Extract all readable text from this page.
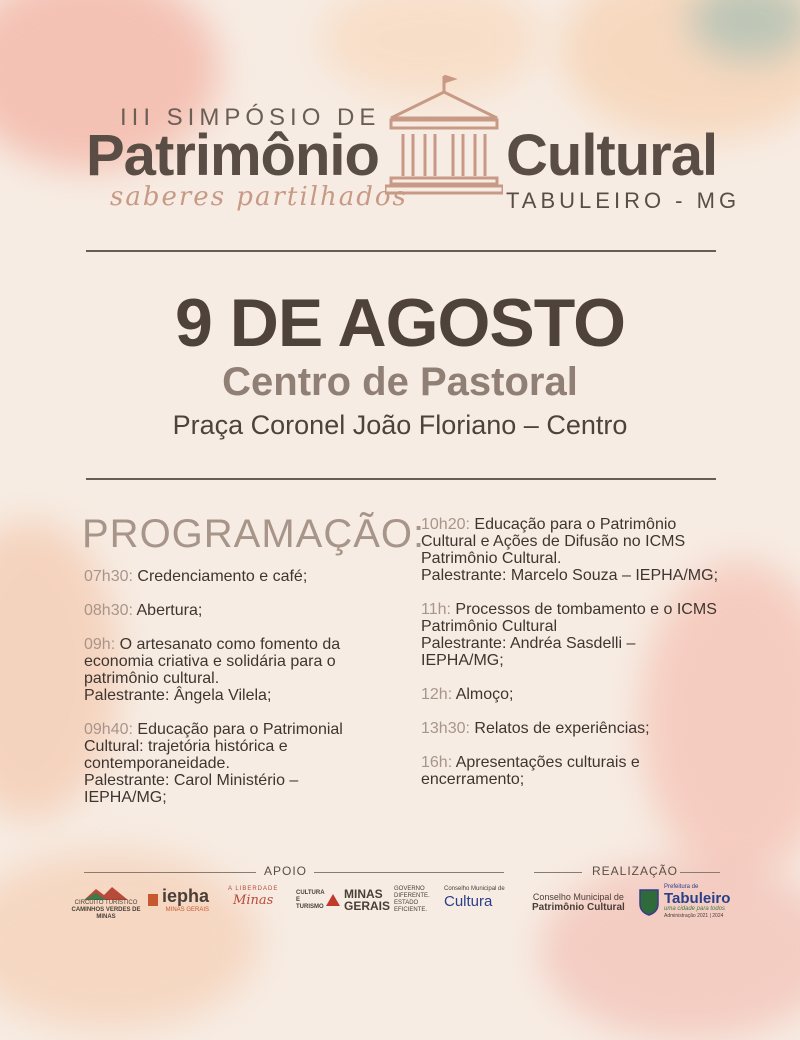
III SIMPÓSIO DE
Patrimônio Cultural
saberes partilhados	TABULEIRO - MG
9 DE AGOSTO
Centro de Pastoral
Praça Coronel João Floriano – Centro
PROGRAMAÇÃO:
07h30: Credenciamento e café;
08h30: Abertura;
09h: O artesanato como fomento da economia criativa e solidária para o patrimônio cultural.
Palestrante: Ângela Vilela;
09h40: Educação para o Patrimonial Cultural: trajetória histórica e contemporaneidade.
Palestrante: Carol Ministério – IEPHA/MG;
10h20: Educação para o Patrimônio Cultural e Ações de Difusão no ICMS Patrimônio Cultural.
Palestrante: Marcelo Souza – IEPHA/MG;
11h: Processos de tombamento e o ICMS Patrimônio Cultural
Palestrante: Andréa Sasdelli – IEPHA/MG;
12h: Almoço;
13h30: Relatos de experiências;
16h: Apresentações culturais e encerramento;
APOIO	REALIZAÇÃO
CIRCUITO TURÍSTICO
CAMINHOS VERDES DE MINAS
iepha
MINAS GERAIS
A LIBERDADE
Minas
CULTURA E TURISMO
MINAS GERAIS
GOVERNO DIFERENTE. ESTADO EFICIENTE.
Conselho Municipal de
Cultura	Conselho Municipal de
Patrimônio Cultural
Prefeitura de
Tabuleiro
uma cidade para todos
Administração 2021 | 2024
